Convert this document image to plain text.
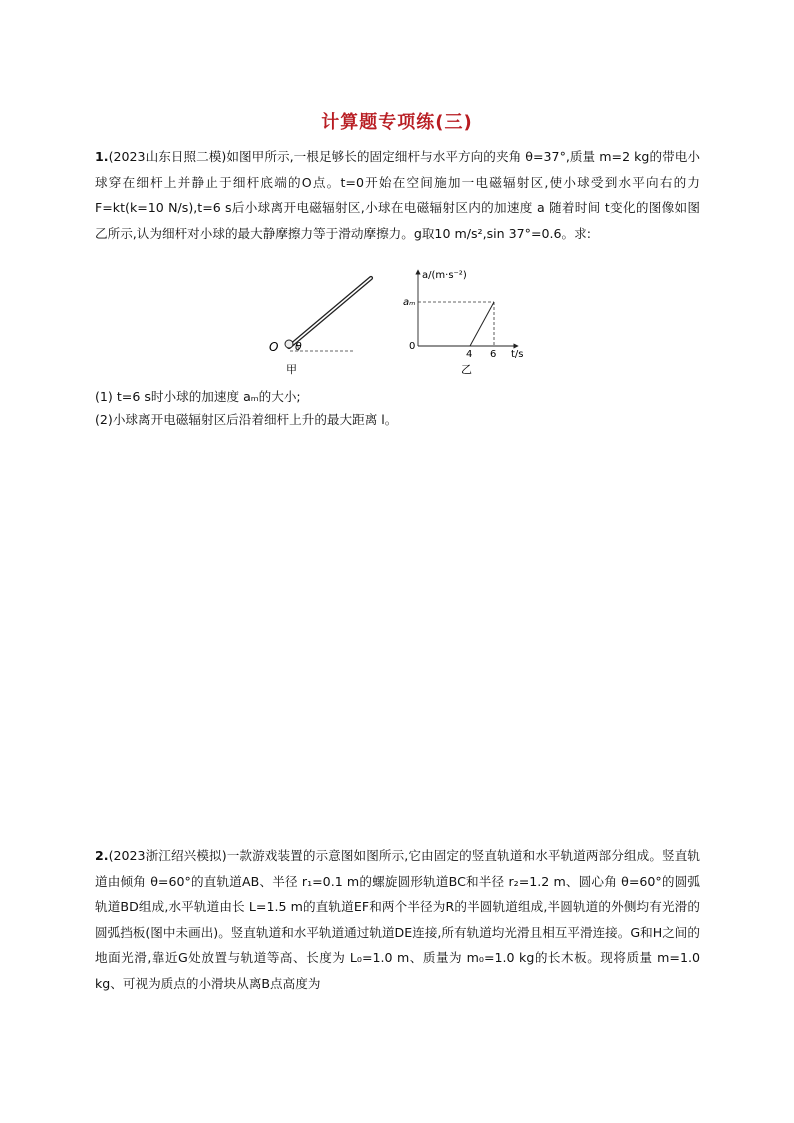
计算题专项练(三)
1.(2023山东日照二模)如图甲所示,一根足够长的固定细杆与水平方向的夹角 θ=37°,质量 m=2 kg的带电小球穿在细杆上并静止于细杆底端的O点。t=0开始在空间施加一电磁辐射区,使小球受到水平向右的力 F=kt(k=10 N/s),t=6 s后小球离开电磁辐射区,小球在电磁辐射区内的加速度 a 随着时间 t变化的图像如图乙所示,认为细杆对小球的最大静摩擦力等于滑动摩擦力。g取10 m/s²,sin 37°=0.6。求:
O θ
甲
a/(m·s⁻²)
aₘ
0
4 6 t/s
乙
(1) t=6 s时小球的加速度 aₘ的大小;
(2)小球离开电磁辐射区后沿着细杆上升的最大距离 l。
2.(2023浙江绍兴模拟)一款游戏装置的示意图如图所示,它由固定的竖直轨道和水平轨道两部分组成。竖直轨道由倾角 θ=60°的直轨道AB、半径 r₁=0.1 m的螺旋圆形轨道BC和半径 r₂=1.2 m、圆心角 θ=60°的圆弧轨道BD组成,水平轨道由长 L=1.5 m的直轨道EF和两个半径为R的半圆轨道组成,半圆轨道的外侧均有光滑的圆弧挡板(图中未画出)。竖直轨道和水平轨道通过轨道DE连接,所有轨道均光滑且相互平滑连接。G和H之间的地面光滑,靠近G处放置与轨道等高、长度为 L₀=1.0 m、质量为 m₀=1.0 kg的长木板。现将质量 m=1.0 kg、可视为质点的小滑块从离B点高度为
